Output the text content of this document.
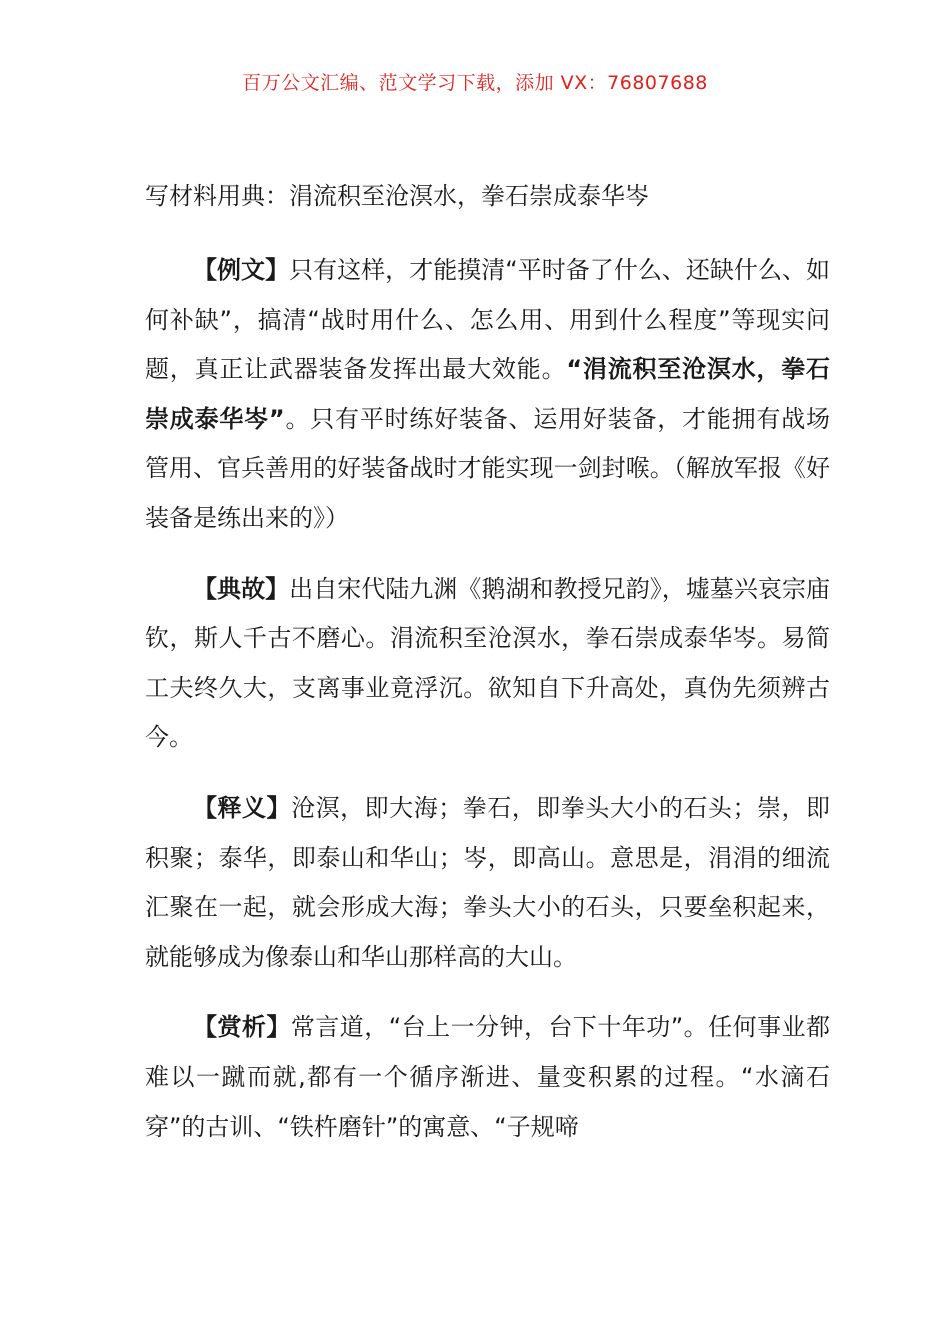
百万公文汇编、范文学习下载，添加 VX：76807688
写材料用典：涓流积至沧溟水，拳石崇成泰华岑

【例文】只有这样，才能摸清“平时备了什么、还缺什么、如何补缺”，搞清“战时用什么、怎么用、用到什么程度”等现实问题，真正让武器装备发挥出最大效能。“涓流积至沧溟水，拳石崇成泰华岑”。只有平时练好装备、运用好装备，才能拥有战场管用、官兵善用的好装备战时才能实现一剑封喉。（解放军报《好装备是练出来的》）

【典故】出自宋代陆九渊《鹅湖和教授兄韵》，墟墓兴哀宗庙钦，斯人千古不磨心。涓流积至沧溟水，拳石崇成泰华岑。易简工夫终久大，支离事业竟浮沉。欲知自下升高处，真伪先须辨古今。

【释义】沧溟，即大海；拳石，即拳头大小的石头；崇，即积聚；泰华，即泰山和华山；岑，即高山。意思是，涓涓的细流汇聚在一起，就会形成大海；拳头大小的石头，只要垒积起来，就能够成为像泰山和华山那样高的大山。

【赏析】常言道，“台上一分钟，台下十年功”。任何事业都难以一蹴而就,都有一个循序渐进、量变积累的过程。“水滴石穿”的古训、“铁杵磨针”的寓意、“子规啼
